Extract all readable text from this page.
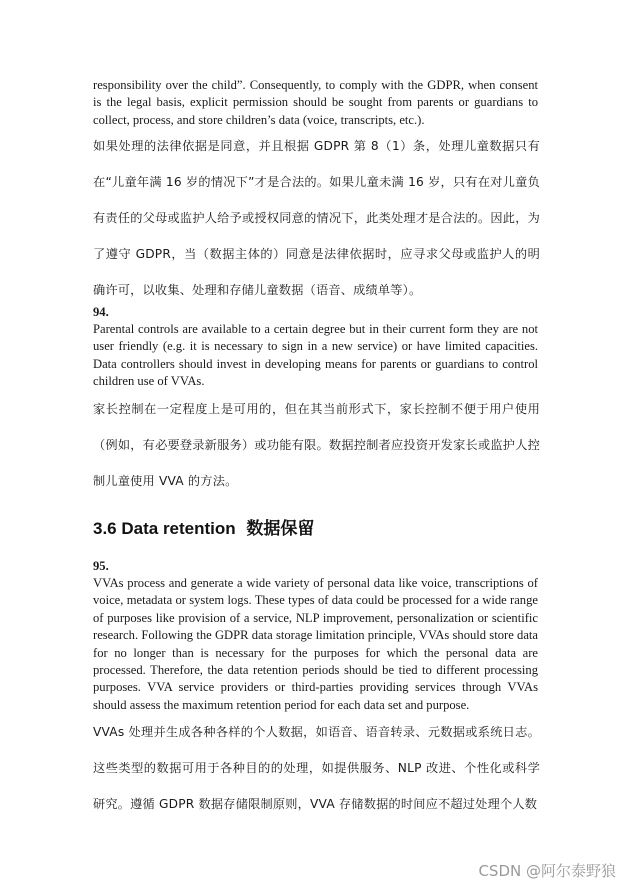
responsibility over the child”. Consequently, to comply with the GDPR, when consent is the legal basis, explicit permission should be sought from parents or guardians to collect, process, and store children’s data (voice, transcripts, etc.).

如果处理的法律依据是同意，并且根据 GDPR 第 8（1）条，处理儿童数据只有在“儿童年满 16 岁的情况下”才是合法的。如果儿童未满 16 岁，只有在对儿童负有责任的父母或监护人给予或授权同意的情况下，此类处理才是合法的。因此，为了遵守 GDPR，当（数据主体的）同意是法律依据时，应寻求父母或监护人的明确许可，以收集、处理和存储儿童数据（语音、成绩单等）。

94.

Parental controls are available to a certain degree but in their current form they are not user friendly (e.g. it is necessary to sign in a new service) or have limited capacities. Data controllers should invest in developing means for parents or guardians to control children use of VVAs.

家长控制在一定程度上是可用的，但在其当前形式下，家长控制不便于用户使用（例如，有必要登录新服务）或功能有限。数据控制者应投资开发家长或监护人控制儿童使用 VVA 的方法。

3.6 Data retention 数据保留

95.

VVAs process and generate a wide variety of personal data like voice, transcriptions of voice, metadata or system logs. These types of data could be processed for a wide range of purposes like provision of a service, NLP improvement, personalization or scientific research. Following the GDPR data storage limitation principle, VVAs should store data for no longer than is necessary for the purposes for which the personal data are processed. Therefore, the data retention periods should be tied to different processing purposes. VVA service providers or third-parties providing services through VVAs should assess the maximum retention period for each data set and purpose.

VVAs 处理并生成各种各样的个人数据，如语音、语音转录、元数据或系统日志。这些类型的数据可用于各种目的的处理，如提供服务、NLP 改进、个性化或科学研究。遵循 GDPR 数据存储限制原则，VVA 存储数据的时间应不超过处理个人数

CSDN @阿尔泰野狼
